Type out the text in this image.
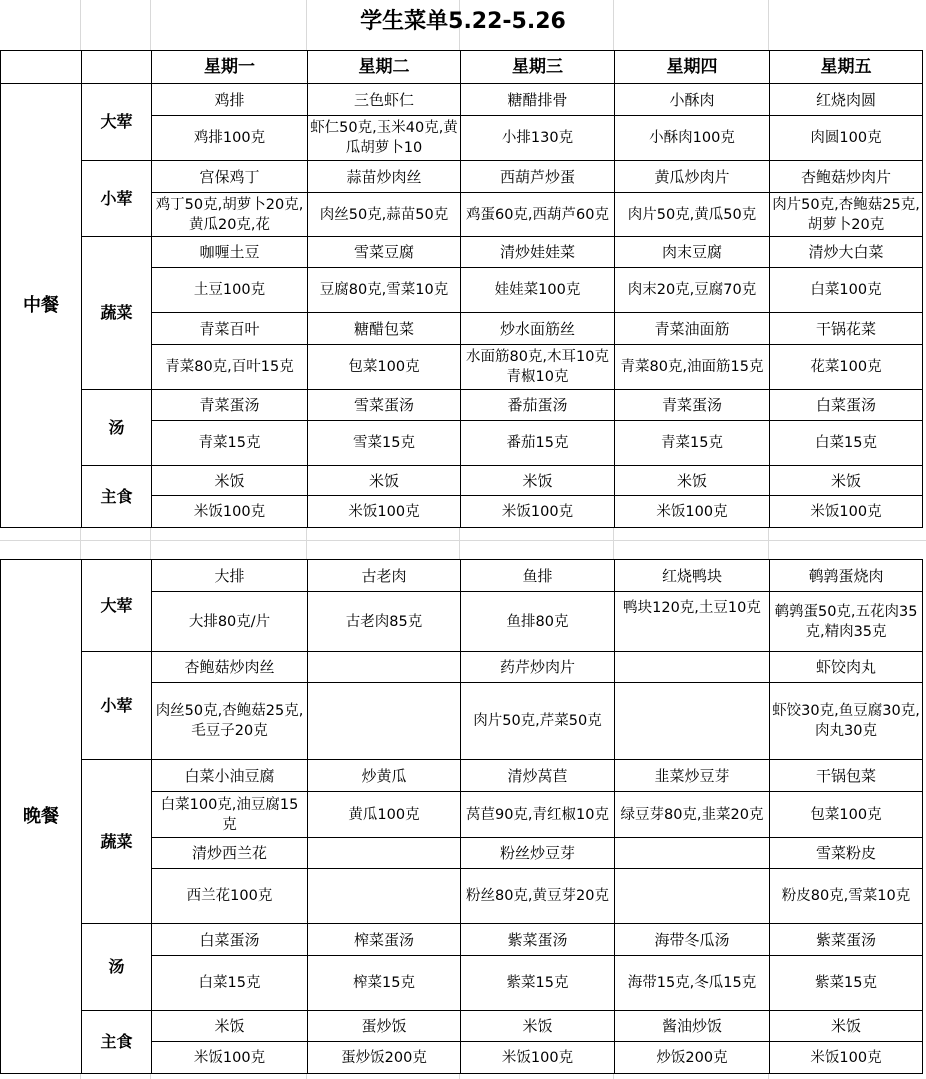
学生菜单5.22-5.26
		星期一	星期二	星期三	星期四	星期五
中餐	大荤	鸡排	三色虾仁	糖醋排骨	小酥肉	红烧肉圆
		鸡排100克	虾仁50克,玉米40克,黄瓜胡萝卜10	小排130克	小酥肉100克	肉圆100克
	小荤	宫保鸡丁	蒜苗炒肉丝	西葫芦炒蛋	黄瓜炒肉片	杏鲍菇炒肉片
		鸡丁50克,胡萝卜20克,黄瓜20克,花	肉丝50克,蒜苗50克	鸡蛋60克,西葫芦60克	肉片50克,黄瓜50克	肉片50克,杏鲍菇25克,胡萝卜20克
	蔬菜	咖喱土豆	雪菜豆腐	清炒娃娃菜	肉末豆腐	清炒大白菜
		土豆100克	豆腐80克,雪菜10克	娃娃菜100克	肉末20克,豆腐70克	白菜100克
		青菜百叶	糖醋包菜	炒水面筋丝	青菜油面筋	干锅花菜
		青菜80克,百叶15克	包菜100克	水面筋80克,木耳10克青椒10克	青菜80克,油面筋15克	花菜100克
	汤	青菜蛋汤	雪菜蛋汤	番茄蛋汤	青菜蛋汤	白菜蛋汤
		青菜15克	雪菜15克	番茄15克	青菜15克	白菜15克
	主食	米饭	米饭	米饭	米饭	米饭
		米饭100克	米饭100克	米饭100克	米饭100克	米饭100克
晚餐	大荤	大排	古老肉	鱼排	红烧鸭块	鹌鹑蛋烧肉
		大排80克/片	古老肉85克	鱼排80克	鸭块120克,土豆10克	鹌鹑蛋50克,五花肉35克,精肉35克
	小荤	杏鲍菇炒肉丝		药芹炒肉片		虾饺肉丸
		肉丝50克,杏鲍菇25克,毛豆子20克		肉片50克,芹菜50克		虾饺30克,鱼豆腐30克,肉丸30克
	蔬菜	白菜小油豆腐	炒黄瓜	清炒莴苣	韭菜炒豆芽	干锅包菜
		白菜100克,油豆腐15克	黄瓜100克	莴苣90克,青红椒10克	绿豆芽80克,韭菜20克	包菜100克
		清炒西兰花		粉丝炒豆芽		雪菜粉皮
		西兰花100克		粉丝80克,黄豆芽20克		粉皮80克,雪菜10克
	汤	白菜蛋汤	榨菜蛋汤	紫菜蛋汤	海带冬瓜汤	紫菜蛋汤
		白菜15克	榨菜15克	紫菜15克	海带15克,冬瓜15克	紫菜15克
	主食	米饭	蛋炒饭	米饭	酱油炒饭	米饭
		米饭100克	蛋炒饭200克	米饭100克	炒饭200克	米饭100克
